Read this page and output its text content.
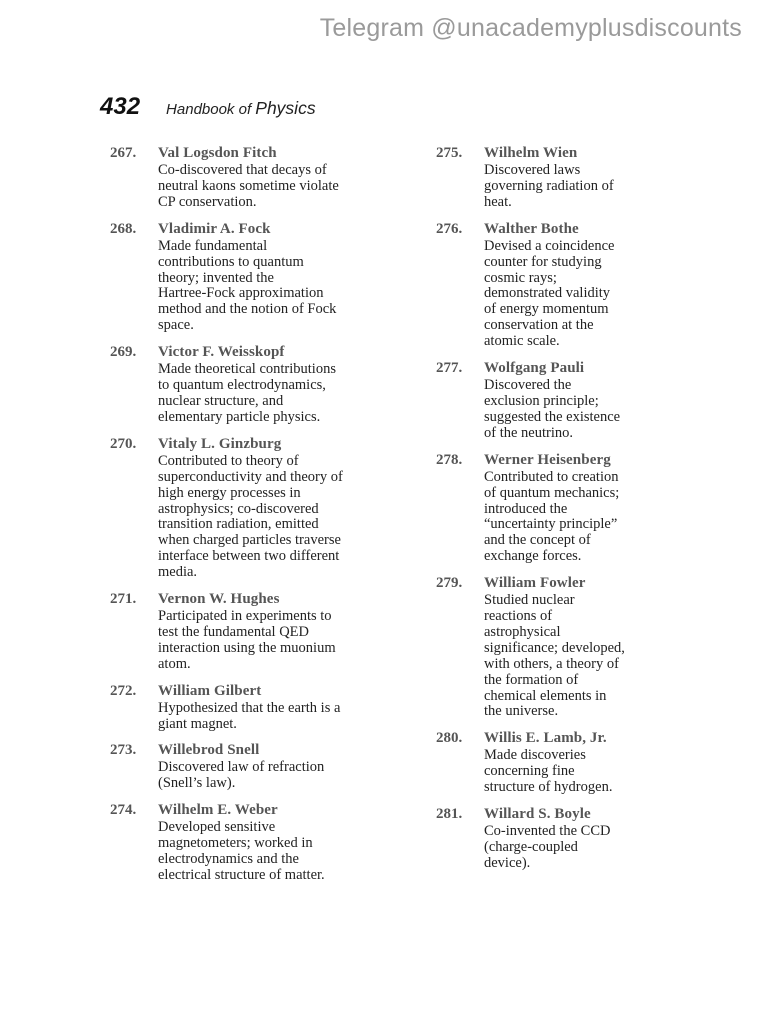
Telegram @unacademyplusdiscounts
432 Handbook of Physics
267.	Val Logsdon Fitch
Co-discovered that decays of
neutral kaons sometime violate
CP conservation.
268.	Vladimir A. Fock
Made fundamental
contributions to quantum
theory; invented the
Hartree-Fock approximation
method and the notion of Fock
space.
269.	Victor F. Weisskopf
Made theoretical contributions
to quantum electrodynamics,
nuclear structure, and
elementary particle physics.
270.	Vitaly L. Ginzburg
Contributed to theory of
superconductivity and theory of
high energy processes in
astrophysics; co-discovered
transition radiation, emitted
when charged particles traverse
interface between two different
media.
271.	Vernon W. Hughes
Participated in experiments to
test the fundamental QED
interaction using the muonium
atom.
272.	William Gilbert
Hypothesized that the earth is a
giant magnet.
273.	Willebrod Snell
Discovered law of refraction
(Snell’s law).
274.	Wilhelm E. Weber
Developed sensitive
magnetometers; worked in
electrodynamics and the
electrical structure of matter.
275.	Wilhelm Wien
Discovered laws
governing radiation of
heat.
276.	Walther Bothe
Devised a coincidence
counter for studying
cosmic rays;
demonstrated validity
of energy momentum
conservation at the
atomic scale.
277.	Wolfgang Pauli
Discovered the
exclusion principle;
suggested the existence
of the neutrino.
278.	Werner Heisenberg
Contributed to creation
of quantum mechanics;
introduced the
“uncertainty principle”
and the concept of
exchange forces.
279.	William Fowler
Studied nuclear
reactions of
astrophysical
significance; developed,
with others, a theory of
the formation of
chemical elements in
the universe.
280.	Willis E. Lamb, Jr.
Made discoveries
concerning fine
structure of hydrogen.
281.	Willard S. Boyle
Co-invented the CCD
(charge-coupled
device).
